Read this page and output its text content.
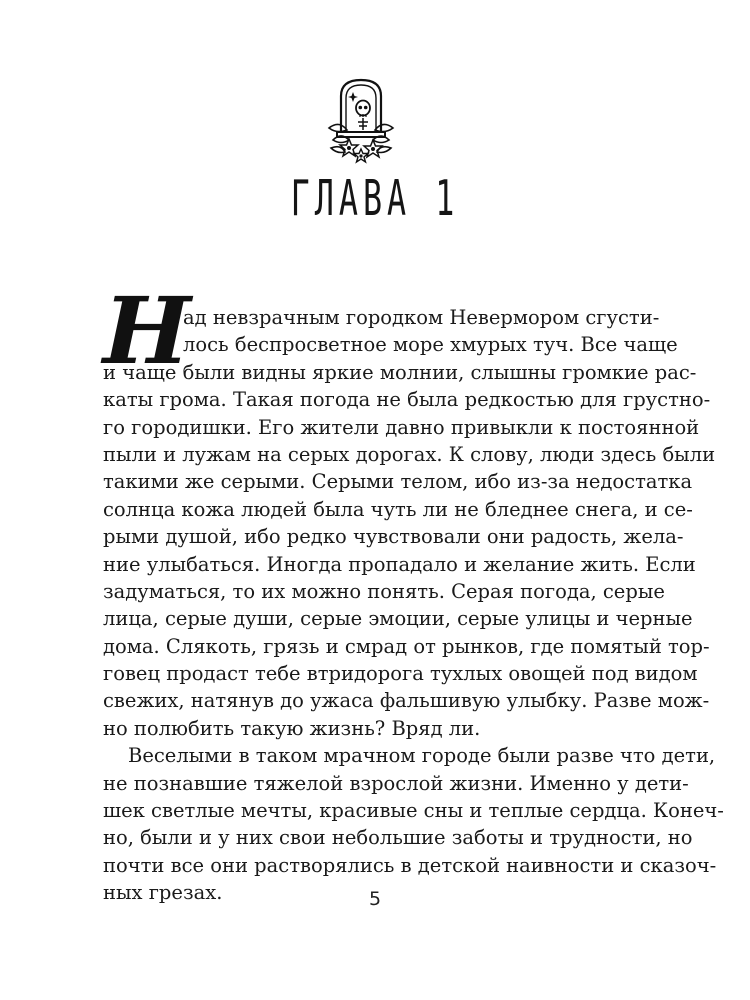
ГЛАВА 1
Н
ад невзрачным городком Невермором сгусти-
лось беспросветное море хмурых туч. Все чаще
и чаще были видны яркие молнии, слышны громкие рас-
каты грома. Такая погода не была редкостью для грустно-
го городишки. Его жители давно привыкли к постоянной
пыли и лужам на серых дорогах. К слову, люди здесь были
такими же серыми. Серыми телом, ибо из-за недостатка
солнца кожа людей была чуть ли не бледнее снега, и се-
рыми душой, ибо редко чувствовали они радость, жела-
ние улыбаться. Иногда пропадало и желание жить. Если
задуматься, то их можно понять. Серая погода, серые
лица, серые души, серые эмоции, серые улицы и черные
дома. Слякоть, грязь и смрад от рынков, где помятый тор-
говец продаст тебе втридорога тухлых овощей под видом
свежих, натянув до ужаса фальшивую улыбку. Разве мож-
но полюбить такую жизнь? Вряд ли.
Веселыми в таком мрачном городе были разве что дети,
не познавшие тяжелой взрослой жизни. Именно у дети-
шек светлые мечты, красивые сны и теплые сердца. Конеч-
но, были и у них свои небольшие заботы и трудности, но
почти все они растворялись в детской наивности и сказоч-
ных грезах.	5
